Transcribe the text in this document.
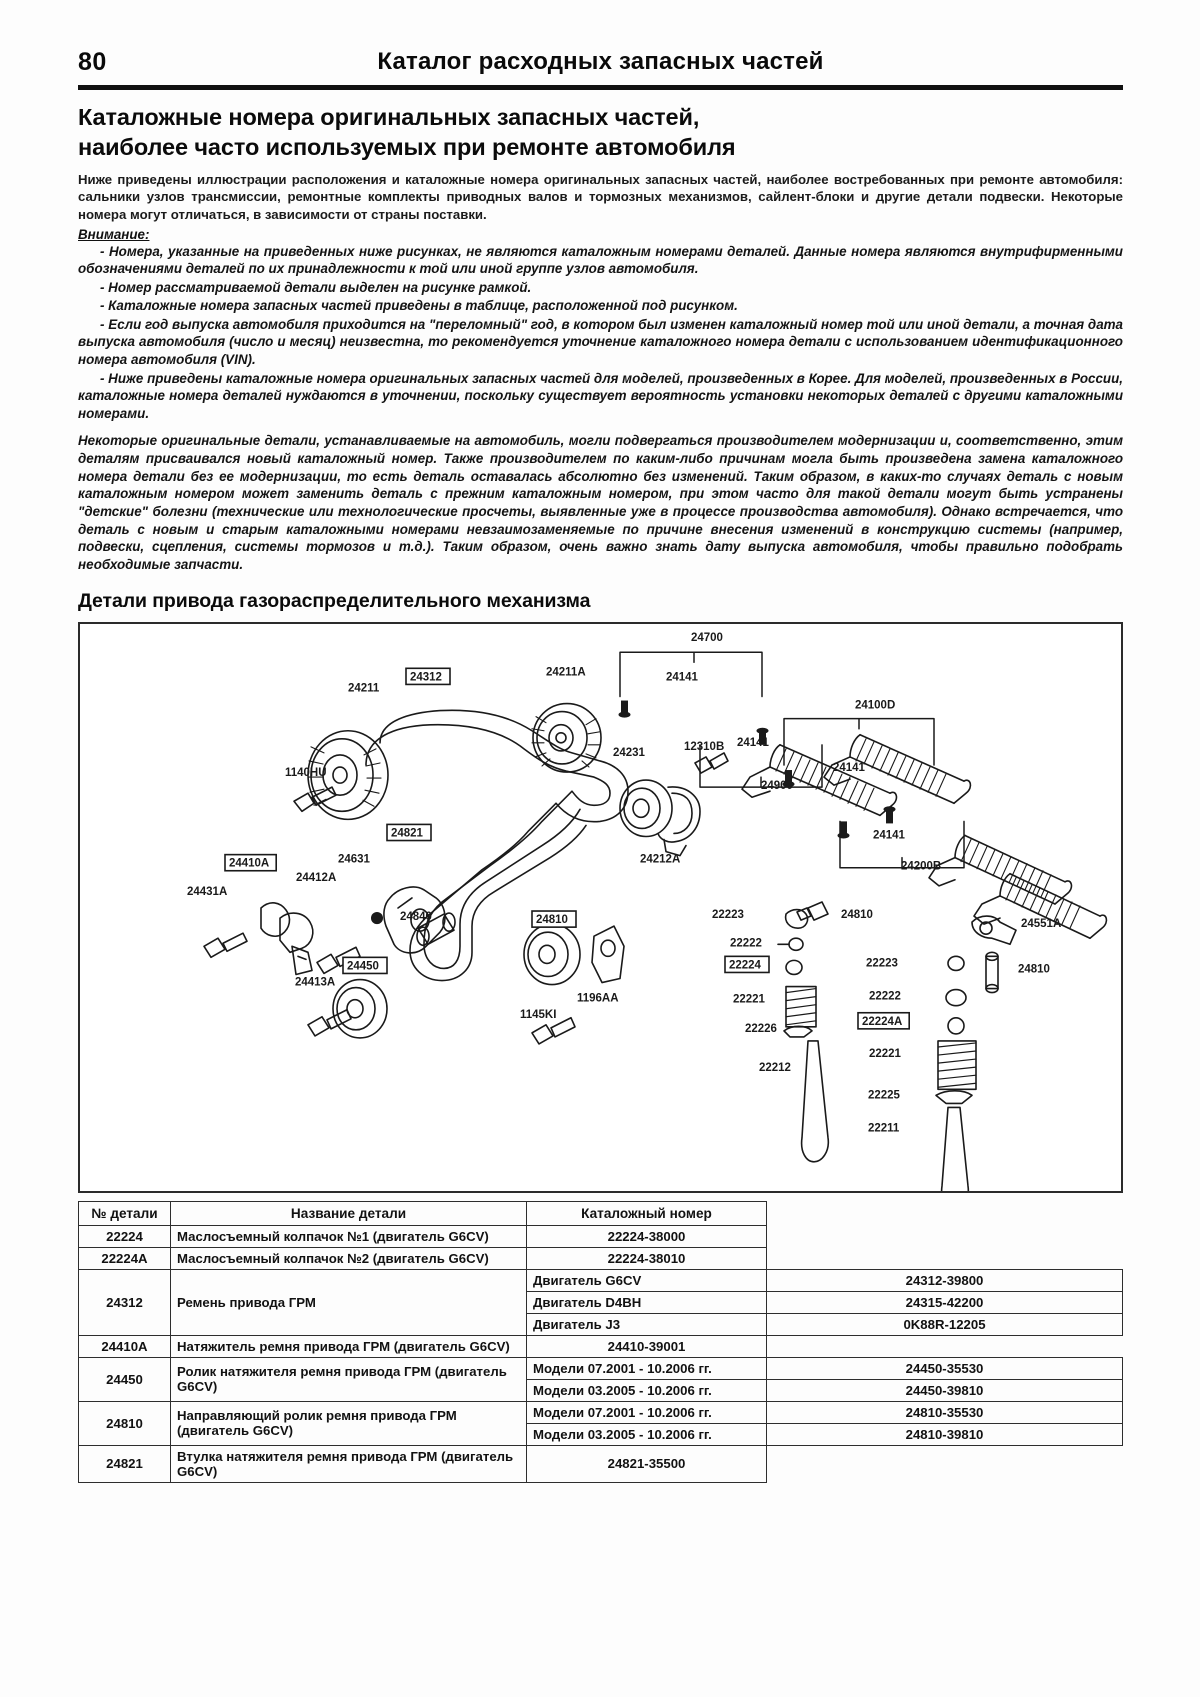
80	Каталог расходных запасных частей
Каталожные номера оригинальных запасных частей,
наиболее часто используемых при ремонте автомобиля
Ниже приведены иллюстрации расположения и каталожные номера оригинальных запасных частей, наиболее востребованных при ремонте автомобиля: сальники узлов трансмиссии, ремонтные комплекты приводных валов и тормозных механизмов, сайлент-блоки и другие детали подвески. Некоторые номера могут отличаться, в зависимости от страны поставки.
Внимание:
- Номера, указанные на приведенных ниже рисунках, не являются каталожным номерами деталей. Данные номера являются внутрифирменными обозначениями деталей по их принадлежности к той или иной группе узлов автомобиля.
- Номер рассматриваемой детали выделен на рисунке рамкой.
- Каталожные номера запасных частей приведены в таблице, расположенной под рисунком.
- Если год выпуска автомобиля приходится на "переломный" год, в котором был изменен каталожный номер той или иной детали, а точная дата выпуска автомобиля (число и месяц) неизвестна, то рекомендуется уточнение каталожного номера детали с использованием идентификационного номера автомобиля (VIN).
- Ниже приведены каталожные номера оригинальных запасных частей для моделей, произведенных в Корее. Для моделей, произведенных в России, каталожные номера деталей нуждаются в уточнении, поскольку существует вероятность установки некоторых деталей с другими каталожными номерами.
Некоторые оригинальные детали, устанавливаемые на автомобиль, могли подвергаться производителем модернизации и, соответственно, этим деталям присваивался новый каталожный номер. Также производителем по каким-либо причинам могла быть произведена замена каталожного номера детали без ее модернизации, то есть деталь оставалась абсолютно без изменений. Таким образом, в каких-то случаях деталь с новым каталожным номером может заменить деталь с прежним каталожным номером, при этом часто для такой детали могут быть устранены "детские" болезни (технические или технологические просчеты, выявленные уже в процессе производства автомобиля). Однако встречается, что деталь с новым и старым каталожными номерами невзаимозаменяемые по причине внесения изменений в конструкцию системы (например, подвески, сцепления, системы тормозов и т.д.). Таким образом, очень важно знать дату выпуска автомобиля, чтобы правильно подобрать необходимые запчасти.
Детали привода газораспределительного механизма
24211
24312	24211A
24700
24141
24100D
24141
12310B
24141
24900
24231
24141
24200B
24212A
1140HU
24821
24631
24410A
24412A
24431A
24840
24450
24413A
24810
1145KI
1196AA
22223	24810
22222
22224
24551A
22223
22221	22222
24810
22224A
22226
22221
22212
22225
22211
№ детали	Название детали	Каталожный номер	
22224	Маслосъемный колпачок №1 (двигатель G6CV)	22224-38000	
22224A	Маслосъемный колпачок №2 (двигатель G6CV)	22224-38010	
24312	Ремень привода ГРМ	Двигатель G6CV	24312-39800
		Двигатель D4BH	24315-42200
		Двигатель J3	0K88R-12205
24410A	Натяжитель ремня привода ГРМ (двигатель G6CV)	24410-39001	
24450	Ролик натяжителя ремня привода ГРМ (двигатель G6CV)	Модели 07.2001 - 10.2006 гг.	24450-35530
		Модели 03.2005 - 10.2006 гг.	24450-39810
24810	Направляющий ролик ремня привода ГРМ (двигатель G6CV)	Модели 07.2001 - 10.2006 гг.	24810-35530
		Модели 03.2005 - 10.2006 гг.	24810-39810
24821	Втулка натяжителя ремня привода ГРМ (двигатель G6CV)	24821-35500	
